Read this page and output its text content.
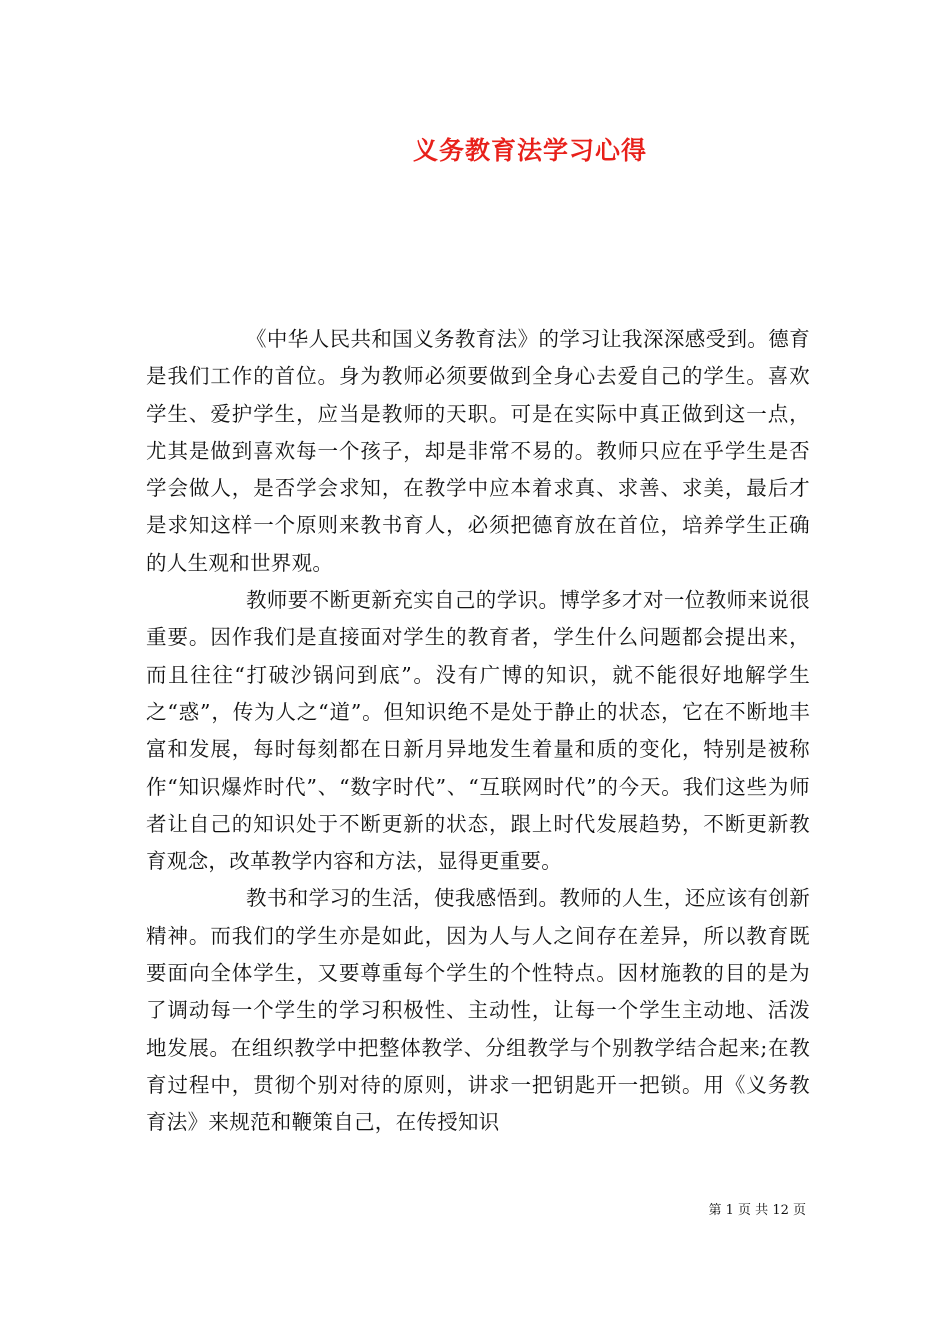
义务教育法学习心得

《中华人民共和国义务教育法》的学习让我深深感受到。德育是我们工作的首位。身为教师必须要做到全身心去爱自己的学生。喜欢学生、爱护学生，应当是教师的天职。可是在实际中真正做到这一点，尤其是做到喜欢每一个孩子，却是非常不易的。教师只应在乎学生是否学会做人，是否学会求知，在教学中应本着求真、求善、求美，最后才是求知这样一个原则来教书育人，必须把德育放在首位，培养学生正确的人生观和世界观。

教师要不断更新充实自己的学识。博学多才对一位教师来说很重要。因作我们是直接面对学生的教育者，学生什么问题都会提出来，而且往往“打破沙锅问到底”。没有广博的知识，就不能很好地解学生之“惑”，传为人之“道”。但知识绝不是处于静止的状态，它在不断地丰富和发展，每时每刻都在日新月异地发生着量和质的变化，特别是被称作“知识爆炸时代”、“数字时代”、“互联网时代”的今天。我们这些为师者让自己的知识处于不断更新的状态，跟上时代发展趋势，不断更新教育观念，改革教学内容和方法，显得更重要。

教书和学习的生活，使我感悟到。教师的人生，还应该有创新精神。而我们的学生亦是如此，因为人与人之间存在差异，所以教育既要面向全体学生，又要尊重每个学生的个性特点。因材施教的目的是为了调动每一个学生的学习积极性、主动性，让每一个学生主动地、活泼地发展。在组织教学中把整体教学、分组教学与个别教学结合起来;在教育过程中，贯彻个别对待的原则，讲求一把钥匙开一把锁。用《义务教育法》来规范和鞭策自己，在传授知识

第 1 页 共 12 页
